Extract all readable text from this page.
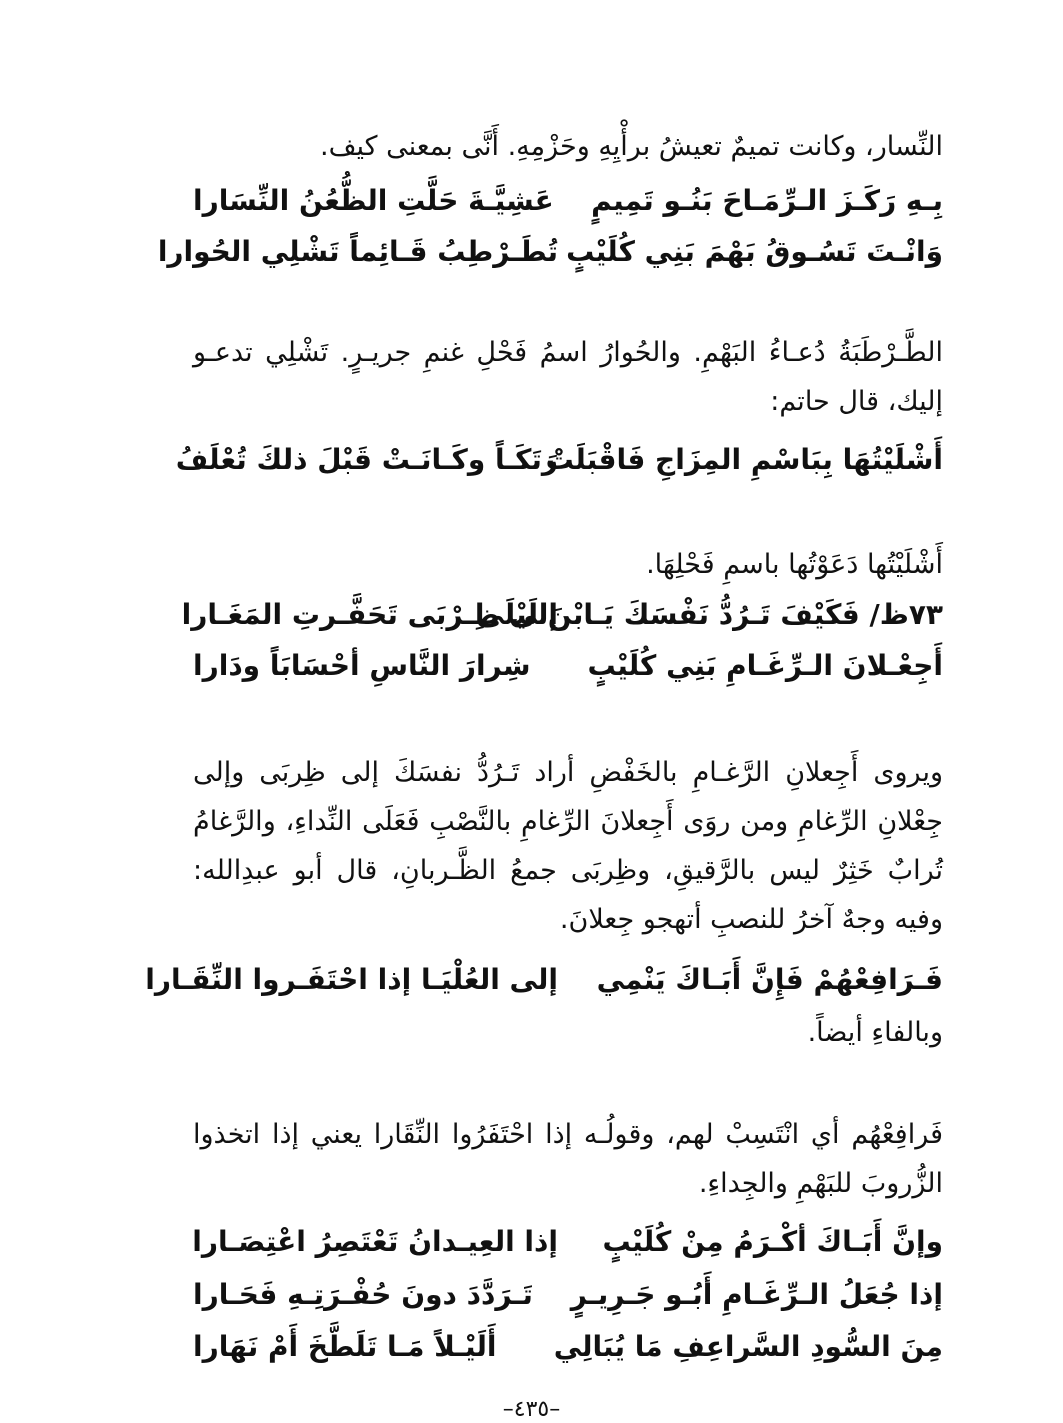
النِّسار، وكانت تميمٌ تعيشُ برأْيِهِ وحَزْمِهِ. أَنَّى بمعنى كيف.
بِـهِ رَكَـزَ الـرِّمَـاحَ بَنُـو تَمِيمٍ
عَشِيَّـةَ حَلَّتِ الظُّعُنُ النِّسَارا
وَانْـتَ تَسُـوقُ بَهْمَ بَنِي كُلَيْبٍ
تُطَـرْطِبُ قَـائِماً تَشْلِي الحُوارا
الطَّـرْطَبَةُ دُعـاءُ البَهْمِ. والحُوارُ اسمُ فَحْلِ غنمِ جريـرٍ. تَشْلِي تدعـو إليك، قال حاتم:
أَشْلَيْتُهَا بِبَاسْمِ المِزَاجِ فَاقْبَلَتْ
رَتَكَـاً وكَـانَـتْ قَبْلَ ذلكَ تُعْلَفُ
أَشْلَيْتُها دَعَوْتُها باسمِ فَحْلِهَا.
٧٣ظ/ فَكَيْفَ تَـرُدُّ نَفْسَكَ يَـابْنَ لَيْلَى
إلى ظِـرْبَى تَحَفَّـرتِ المَغَـارا
أَجِعْـلانَ الـرِّغَـامِ بَنِي كُلَيْبٍ
شِرارَ النَّاسِ أحْسَابَاً ودَارا
ويروى أَجِعلانِ الرَّغـامِ بالخَفْضِ أراد تَـرُدُّ نفسَكَ إلى ظِربَى وإلى جِعْلانِ الرِّغامِ ومن روَى أَجِعلانَ الرِّغامِ بالنَّصْبِ فَعَلَى النِّداءِ، والرَّغامُ تُرابٌ خَثِرٌ ليس بالرَّقيقِ، وظِربَى جمعُ الظَّـربانِ، قال أبو عبدِالله: وفيه وجهٌ آخرُ للنصبِ أتهجو جِعلانَ.
فَـرَافِعْهُمْ فَإِنَّ أَبَـاكَ يَنْمِي
إلى العُلْيَـا إذا احْتَفَـروا النِّقَـارا
وبالفاءِ أيضاً.
فَرافِعْهُم أي انْتَسِبْ لهم، وقولُـه إذا احْتَفَرُوا النِّقَارا يعني إذا اتخذوا الزُّروبَ للبَهْمِ والجِداءِ.
وإنَّ أَبَـاكَ أكْـرَمُ مِنْ كُلَيْبٍ
إذا العِيـدانُ تَعْتَصِرُ اعْتِصَـارا
إذا جُعَلُ الـرِّغَـامِ أَبُـو جَـرِيـرٍ
تَـرَدَّدَ دونَ حُفْـرَتِـهِ فَحَـارا
مِنَ السُّودِ السَّراعِفِ مَا يُبَالِي
أَلَيْـلاً مَـا تَلَطَّخَ أَمْ نَهَارا
–٤٣٥–
